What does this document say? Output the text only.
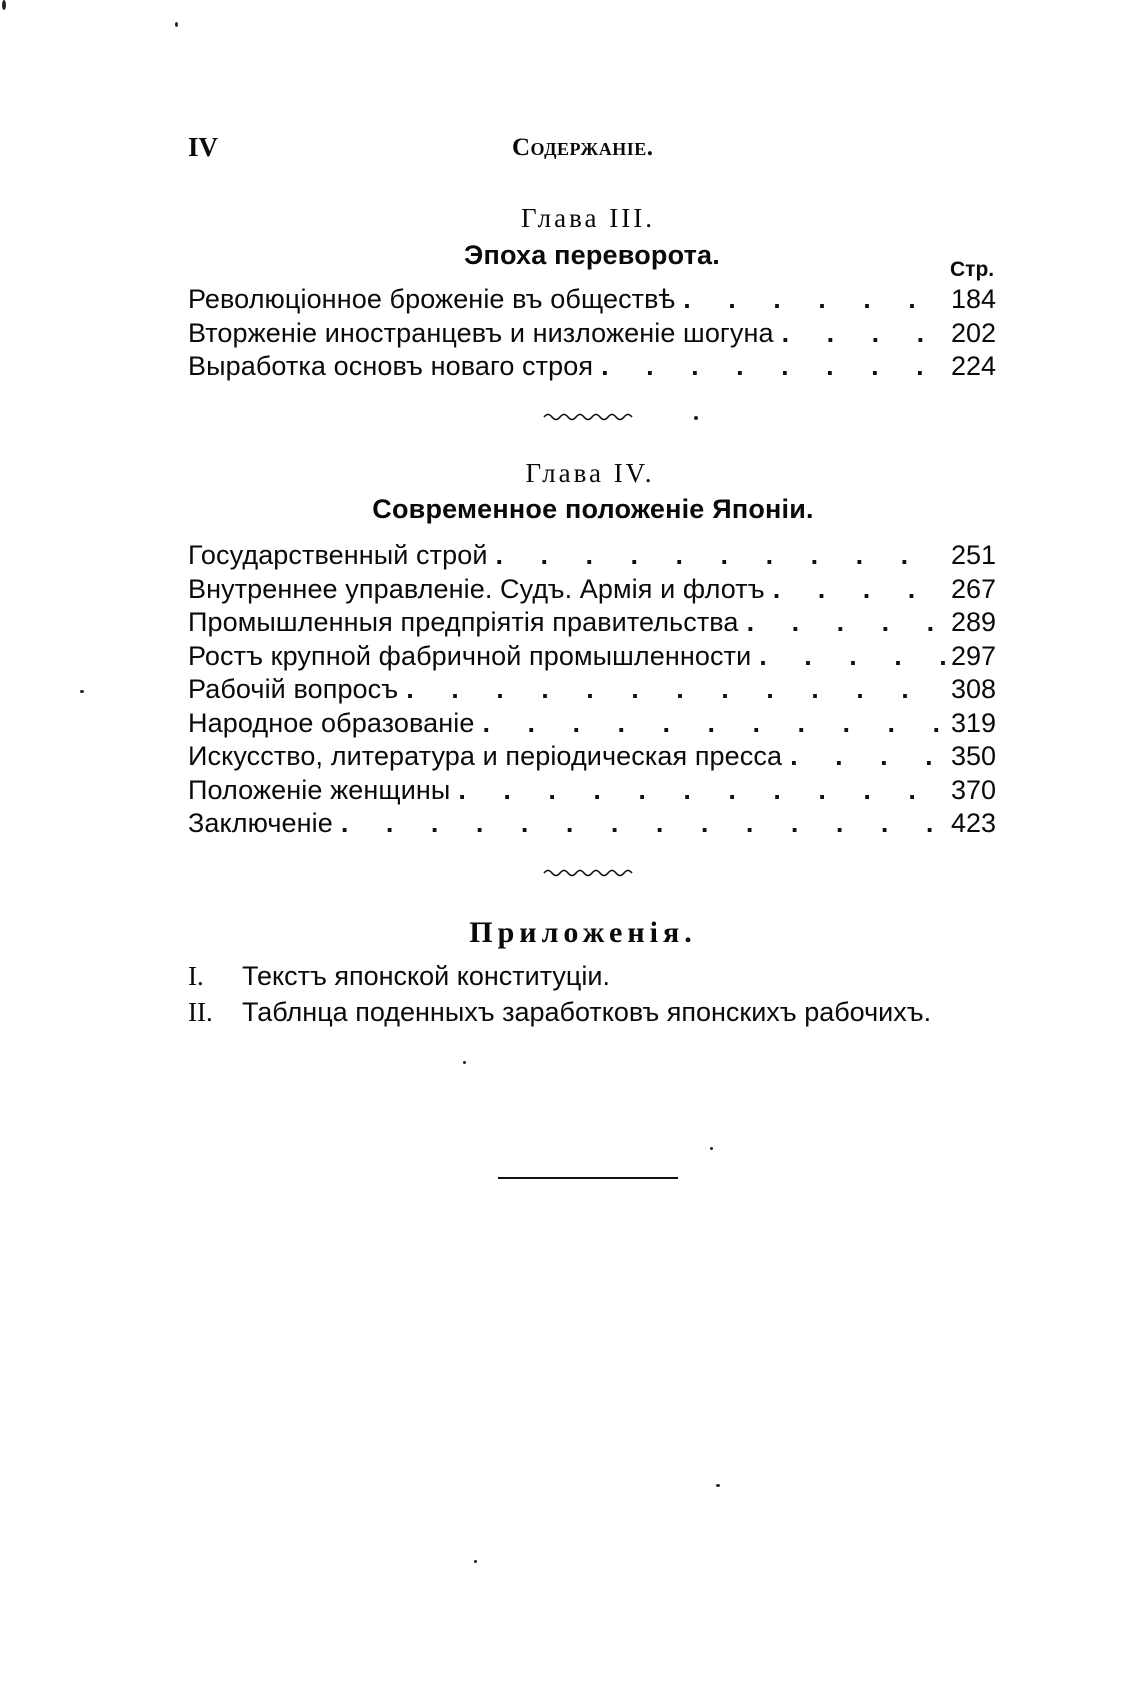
IV	Содержаніе.
Глава III.
Эпоха переворота.	Стр.
Революціонное броженіе въ обществѣ . . .	184
Вторженіе иностранцевъ и низложеніе шогуна . . .	202
Выработка основъ новаго строя . . .	224
Глава IV.
Современное положеніе Японіи.
Государственный строй . . .	251
Внутреннее управленіе. Судъ. Армія и флотъ . . .	267
Промышленныя предпріятія правительства . . .	289
Ростъ крупной фабричной промышленности . . .	297
Рабочій вопросъ . . .	308
Народное образованіе . . .	319
Искусство, литература и періодическая пресса . . .	350
Положеніе женщины . . .	370
Заключеніе . . .	423
Приложенія.
I.	Текстъ японской конституціи.
II.	Таблнца поденныхъ заработковъ японскихъ рабочихъ.
